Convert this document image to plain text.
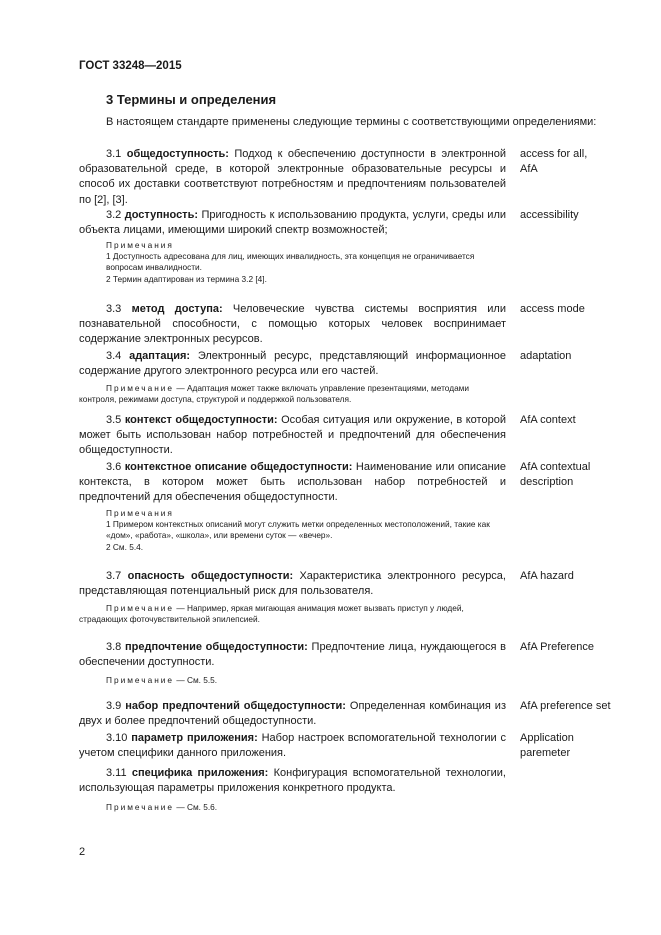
ГОСТ 33248—2015
3 Термины и определения
В настоящем стандарте применены следующие термины с соответствующими определениями:
3.1 общедоступность: Подход к обеспечению доступности в электронной образовательной среде, в которой электронные образовательные ресурсы и способ их доставки соответствуют потребностям и предпочтениям пользователей по [2], [3].
access for all,
AfA
3.2 доступность: Пригодность к использованию продукта, услуги, среды или объекта лицами, имеющими широкий спектр возможностей;
accessibility
Примечания
1 Доступность адресована для лиц, имеющих инвалидность, эта концепция не ограничивается вопросам инвалидности.
2 Термин адаптирован из термина 3.2 [4].
3.3 метод доступа: Человеческие чувства системы восприятия или познавательной способности, с помощью которых человек воспринимает содержание электронных ресурсов.
access mode
3.4 адаптация: Электронный ресурс, представляющий информационное содержание другого электронного ресурса или его частей.
adaptation
Примечание — Адаптация может также включать управление презентациями, методами контроля, режимами доступа, структурой и поддержкой пользователя.
3.5 контекст общедоступности: Особая ситуация или окружение, в которой может быть использован набор потребностей и предпочтений для обеспечения общедоступности.
AfA context
3.6 контекстное описание общедоступности: Наименование или описание контекста, в котором может быть использован набор потребностей и предпочтений для обеспечения общедоступности.
AfA contextual
description
Примечания
1 Примером контекстных описаний могут служить метки определенных местоположений, такие как «дом», «работа», «школа», или времени суток — «вечер».
2 См. 5.4.
3.7 опасность общедоступности: Характеристика электронного ресурса, представляющая потенциальный риск для пользователя.
AfA hazard
Примечание — Например, яркая мигающая анимация может вызвать приступ у людей, страдающих фоточувствительной эпилепсией.
3.8 предпочтение общедоступности: Предпочтение лица, нуждающегося в обеспечении доступности.
AfA Preference
Примечание — См. 5.5.
3.9 набор предпочтений общедоступности: Определенная комбинация из двух и более предпочтений общедоступности.
AfA preference set
3.10 параметр приложения: Набор настроек вспомогательной технологии с учетом специфики данного приложения.
Application
paremeter
3.11 специфика приложения: Конфигурация вспомогательной технологии, использующая параметры приложения конкретного продукта.
Примечание — См. 5.6.
2
